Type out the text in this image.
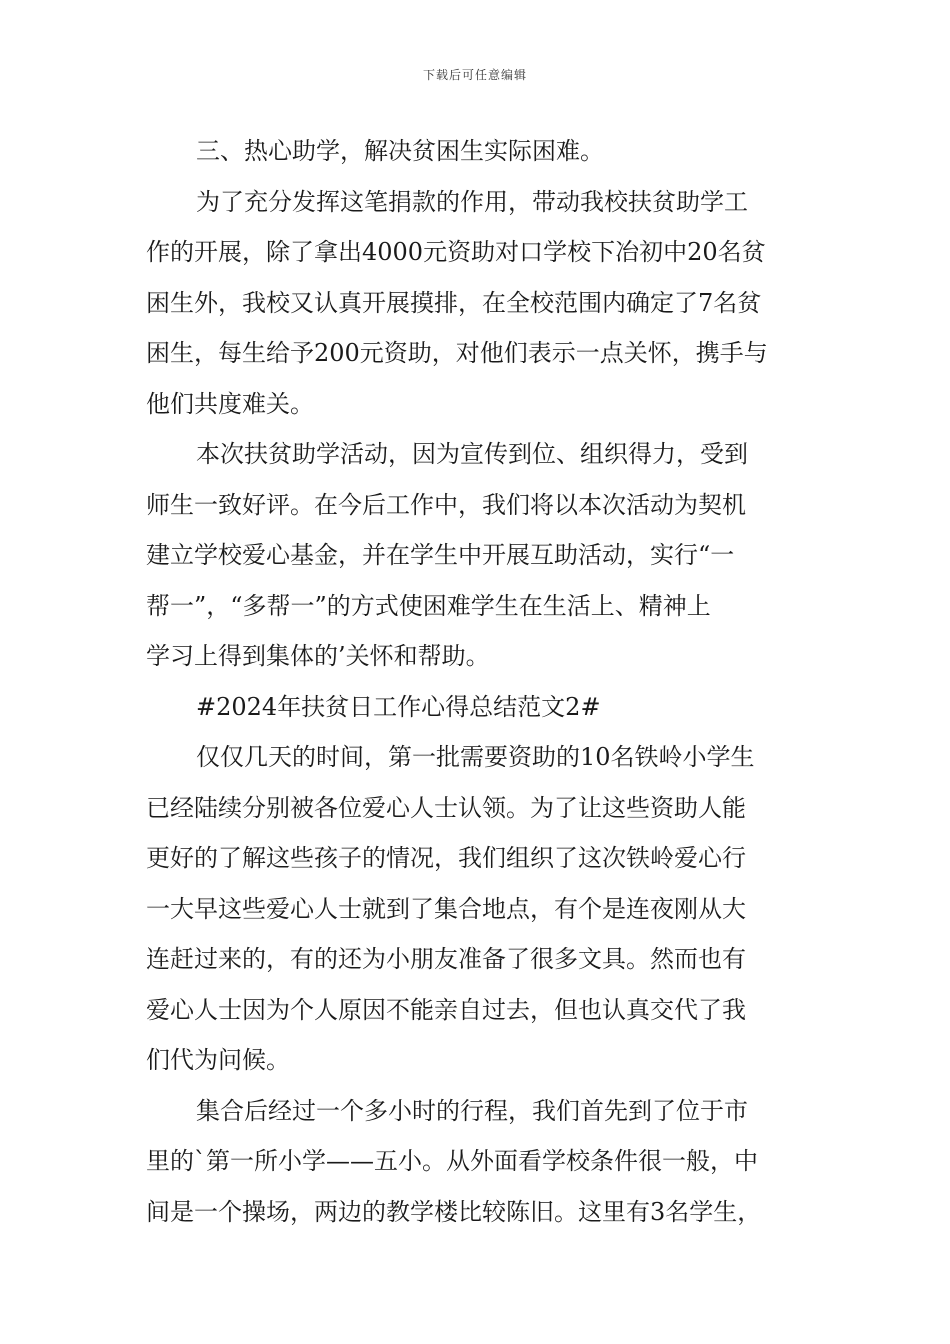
下载后可任意编辑
三、热心助学，解决贫困生实际困难。
为了充分发挥这笔捐款的作用，带动我校扶贫助学工
作的开展，除了拿出4000元资助对口学校下冶初中20名贫
困生外，我校又认真开展摸排，在全校范围内确定了7名贫
困生，每生给予200元资助，对他们表示一点关怀，携手与
他们共度难关。
本次扶贫助学活动，因为宣传到位、组织得力，受到
师生一致好评。在今后工作中，我们将以本次活动为契机
建立学校爱心基金，并在学生中开展互助活动，实行“一
帮一”，“多帮一”的方式使困难学生在生活上、精神上
学习上得到集体的’关怀和帮助。
#2024年扶贫日工作心得总结范文2#
仅仅几天的时间，第一批需要资助的10名铁岭小学生
已经陆续分别被各位爱心人士认领。为了让这些资助人能
更好的了解这些孩子的情况，我们组织了这次铁岭爱心行
一大早这些爱心人士就到了集合地点，有个是连夜刚从大
连赶过来的，有的还为小朋友准备了很多文具。然而也有
爱心人士因为个人原因不能亲自过去，但也认真交代了我
们代为问候。
集合后经过一个多小时的行程，我们首先到了位于市
里的`第一所小学——五小。从外面看学校条件很一般，中
间是一个操场，两边的教学楼比较陈旧。这里有3名学生，
